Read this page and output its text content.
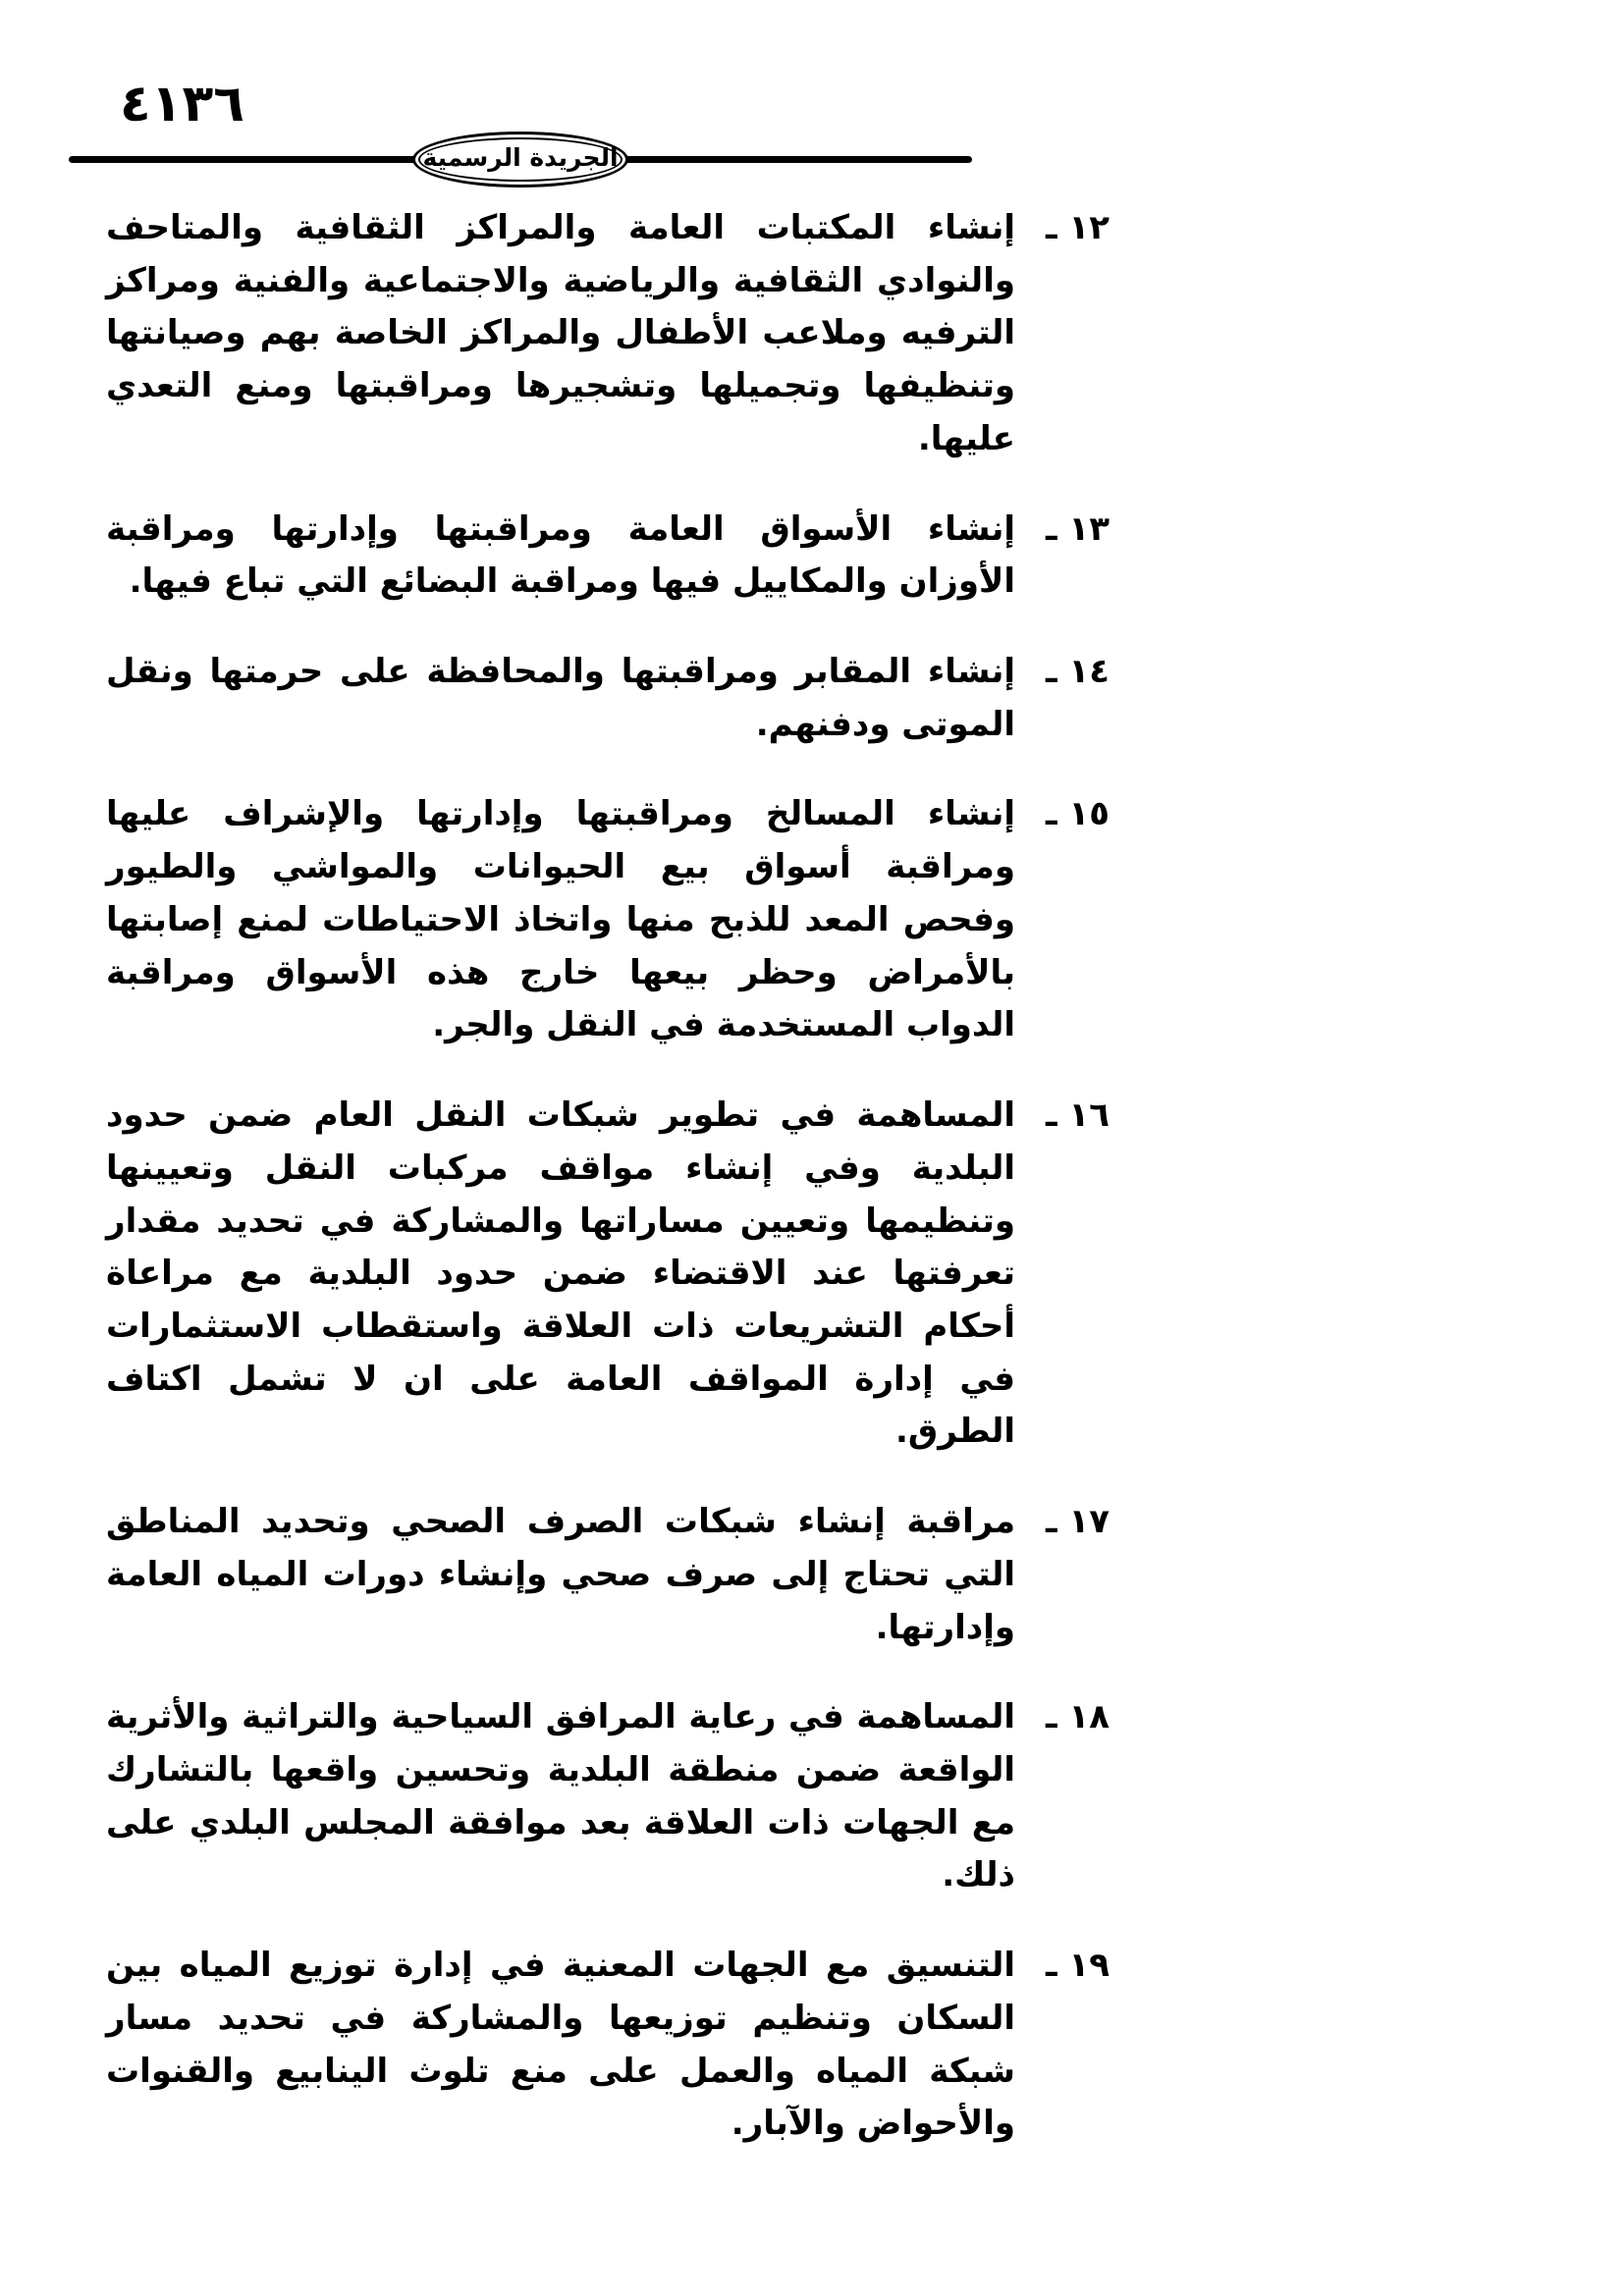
٤١٣٦
الجريدة الرسمية

١٢ ـإنشاء المكتبات العامة والمراكز الثقافية والمتاحف والنوادي الثقافية والرياضية والاجتماعية والفنية ومراكز الترفيه وملاعب الأطفال والمراكز الخاصة بهم وصيانتها وتنظيفها وتجميلها وتشجيرها ومراقبتها ومنع التعدي عليها.

١٣ ـإنشاء الأسواق العامة ومراقبتها وإدارتها ومراقبة الأوزان والمكاييل فيها ومراقبة البضائع التي تباع فيها.

١٤ ـإنشاء المقابر ومراقبتها والمحافظة على حرمتها ونقل الموتى ودفنهم.

١٥ ـإنشاء المسالخ ومراقبتها وإدارتها والإشراف عليها ومراقبة أسواق بيع الحيوانات والمواشي والطيور وفحص المعد للذبح منها واتخاذ الاحتياطات لمنع إصابتها بالأمراض وحظر بيعها خارج هذه الأسواق ومراقبة الدواب المستخدمة في النقل والجر.

١٦ ـالمساهمة في تطوير شبكات النقل العام ضمن حدود البلدية وفي إنشاء مواقف مركبات النقل وتعيينها وتنظيمها وتعيين مساراتها والمشاركة في تحديد مقدار تعرفتها عند الاقتضاء ضمن حدود البلدية مع مراعاة أحكام التشريعات ذات العلاقة واستقطاب الاستثمارات في إدارة المواقف العامة على ان لا تشمل اكتاف الطرق.

١٧ ـمراقبة إنشاء شبكات الصرف الصحي وتحديد المناطق التي تحتاج إلى صرف صحي وإنشاء دورات المياه العامة وإدارتها.

١٨ ـالمساهمة في رعاية المرافق السياحية والتراثية والأثرية الواقعة ضمن منطقة البلدية وتحسين واقعها بالتشارك مع الجهات ذات العلاقة بعد موافقة المجلس البلدي على ذلك.

١٩ ـالتنسيق مع الجهات المعنية في إدارة توزيع المياه بين السكان وتنظيم توزيعها والمشاركة في تحديد مسار شبكة المياه والعمل على منع تلوث الينابيع والقنوات والأحواض والآبار.
